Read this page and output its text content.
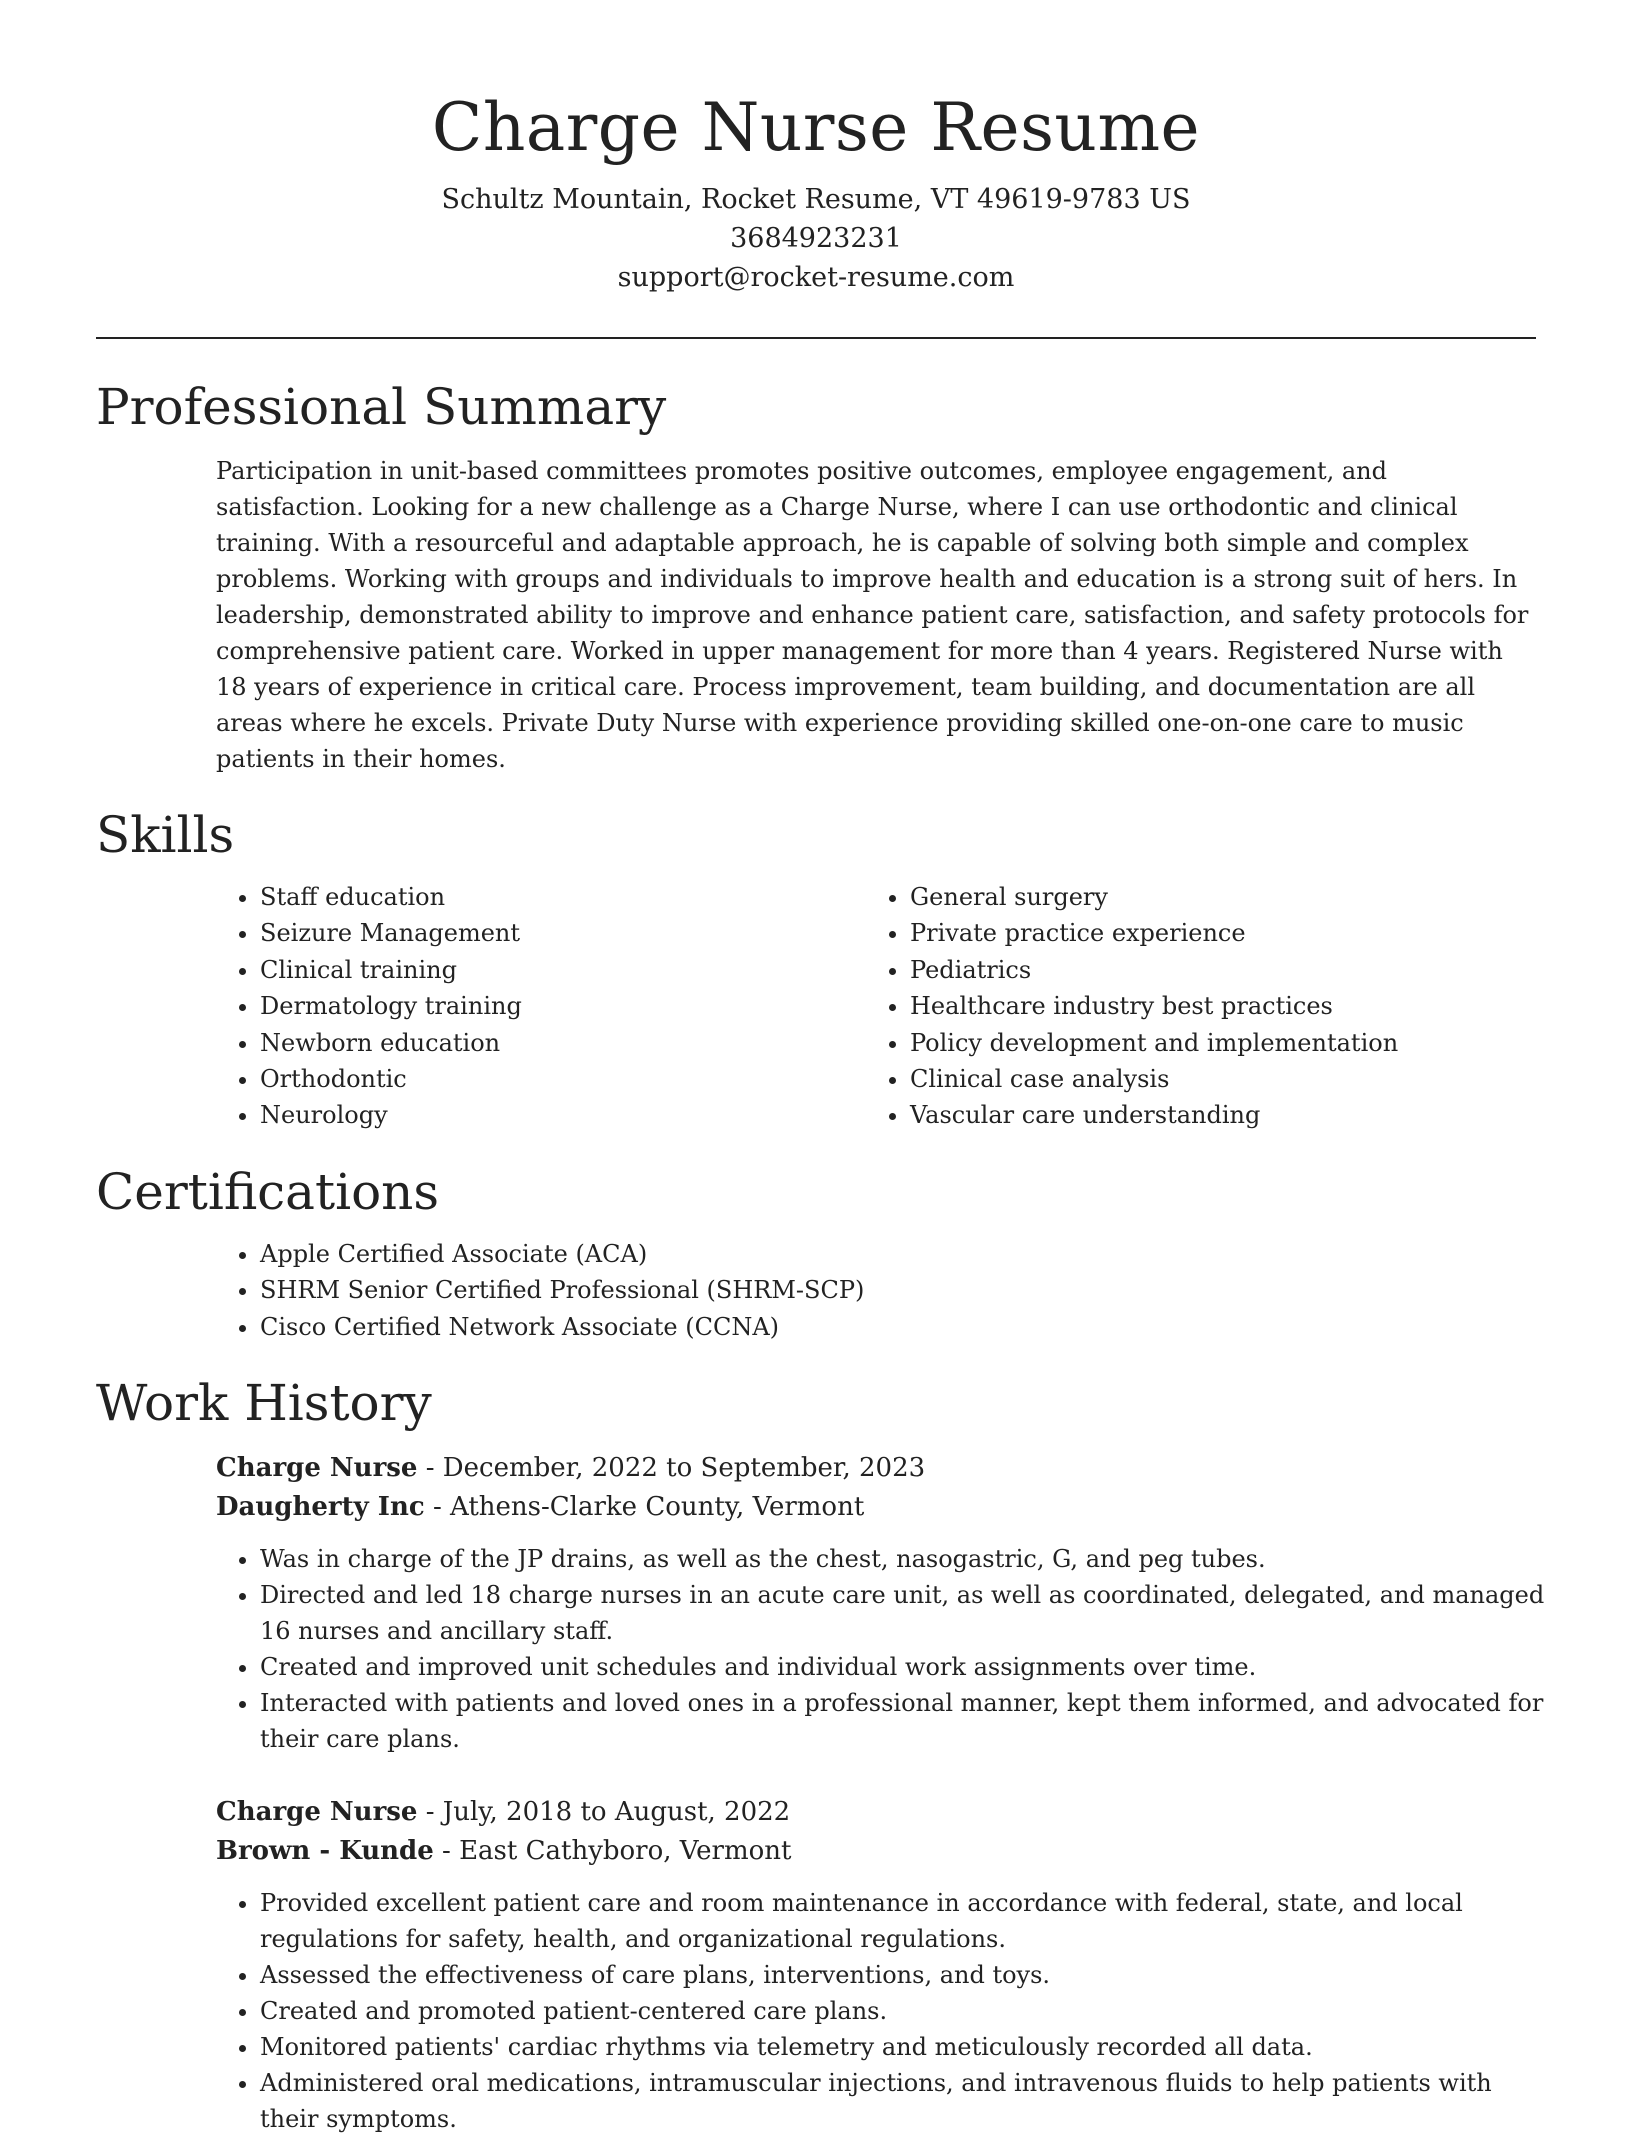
Charge Nurse Resume
Schultz Mountain, Rocket Resume, VT 49619-9783 US
3684923231
support@rocket-resume.com
Professional Summary

Participation in unit-based committees promotes positive outcomes, employee engagement, and satisfaction. Looking for a new challenge as a Charge Nurse, where I can use orthodontic and clinical training. With a resourceful and adaptable approach, he is capable of solving both simple and complex problems. Working with groups and individuals to improve health and education is a strong suit of hers. In leadership, demonstrated ability to improve and enhance patient care, satisfaction, and safety protocols for comprehensive patient care. Worked in upper management for more than 4 years. Registered Nurse with 18 years of experience in critical care. Process improvement, team building, and documentation are all areas where he excels. Private Duty Nurse with experience providing skilled one-on-one care to music patients in their homes.

Skills
• Staff education
• Seizure Management
• Clinical training
• Dermatology training
• Newborn education
• Orthodontic
• Neurology
• General surgery
• Private practice experience
• Pediatrics
• Healthcare industry best practices
• Policy development and implementation
• Clinical case analysis
• Vascular care understanding
Certifications
• Apple Certified Associate (ACA)
• SHRM Senior Certified Professional (SHRM-SCP)
• Cisco Certified Network Associate (CCNA)
Work History
Charge Nurse - December, 2022 to September, 2023
Daugherty Inc - Athens-Clarke County, Vermont
• Was in charge of the JP drains, as well as the chest, nasogastric, G, and peg tubes.
• Directed and led 18 charge nurses in an acute care unit, as well as coordinated, delegated, and managed 16 nurses and ancillary staff.
• Created and improved unit schedules and individual work assignments over time.
• Interacted with patients and loved ones in a professional manner, kept them informed, and advocated for their care plans.
Charge Nurse - July, 2018 to August, 2022
Brown - Kunde - East Cathyboro, Vermont
• Provided excellent patient care and room maintenance in accordance with federal, state, and local regulations for safety, health, and organizational regulations.
• Assessed the effectiveness of care plans, interventions, and toys.
• Created and promoted patient-centered care plans.
• Monitored patients' cardiac rhythms via telemetry and meticulously recorded all data.
• Administered oral medications, intramuscular injections, and intravenous fluids to help patients with their symptoms.
